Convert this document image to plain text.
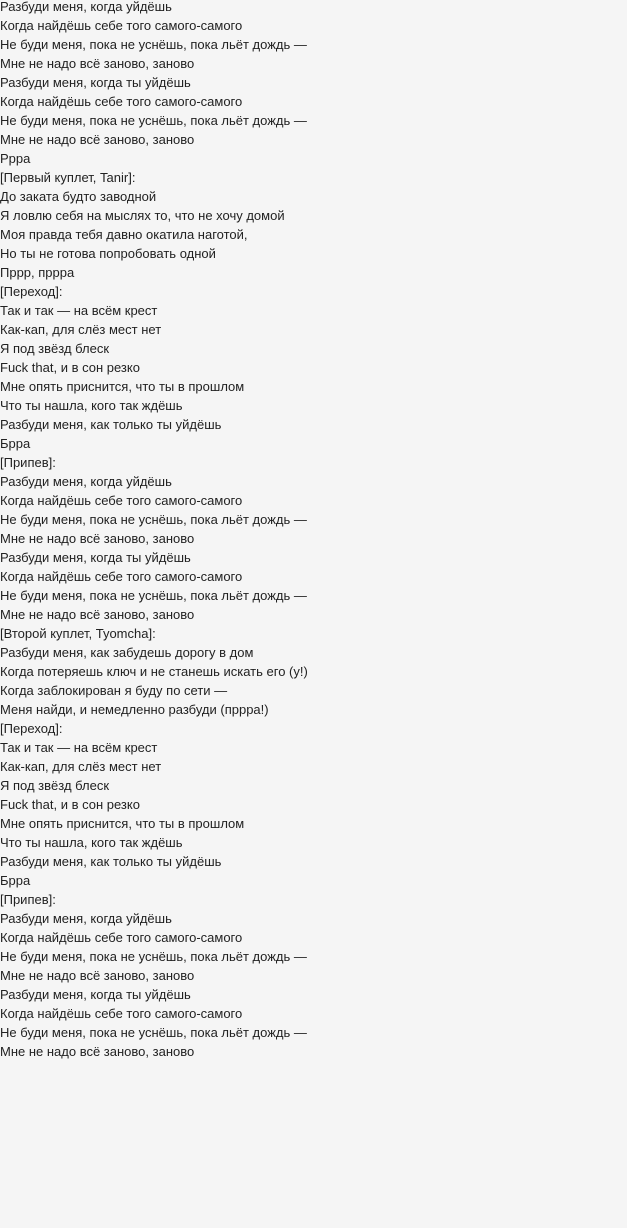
Разбуди меня, когда уйдёшь
Когда найдёшь себе того самого-самого
Не буди меня, пока не уснёшь, пока льёт дождь —
Мне не надо всё заново, заново
Разбуди меня, когда ты уйдёшь
Когда найдёшь себе того самого-самого
Не буди меня, пока не уснёшь, пока льёт дождь —
Мне не надо всё заново, заново
Ррра
[Первый куплет, Tanir]:
До заката будто заводной
Я ловлю себя на мыслях то, что не хочу домой
Моя правда тебя давно окатила наготой,
Но ты не готова попробовать одной
Пррр, пррра
[Переход]:
Так и так — на всём крест
Как-кап, для слёз мест нет
Я под звёзд блеск
Fuck that, и в сон резко
Мне опять приснится, что ты в прошлом
Что ты нашла, кого так ждёшь
Разбуди меня, как только ты уйдёшь
Брра
[Припев]:
Разбуди меня, когда уйдёшь
Когда найдёшь себе того самого-самого
Не буди меня, пока не уснёшь, пока льёт дождь —
Мне не надо всё заново, заново
Разбуди меня, когда ты уйдёшь
Когда найдёшь себе того самого-самого
Не буди меня, пока не уснёшь, пока льёт дождь —
Мне не надо всё заново, заново
[Второй куплет, Tyomcha]:
Разбуди меня, как забудешь дорогу в дом
Когда потеряешь ключ и не станешь искать его (у!)
Когда заблокирован я буду по сети —
Меня найди, и немедленно разбуди (пррра!)
[Переход]:
Так и так — на всём крест
Как-кап, для слёз мест нет
Я под звёзд блеск
Fuck that, и в сон резко
Мне опять приснится, что ты в прошлом
Что ты нашла, кого так ждёшь
Разбуди меня, как только ты уйдёшь
Брра
[Припев]:
Разбуди меня, когда уйдёшь
Когда найдёшь себе того самого-самого
Не буди меня, пока не уснёшь, пока льёт дождь —
Мне не надо всё заново, заново
Разбуди меня, когда ты уйдёшь
Когда найдёшь себе того самого-самого
Не буди меня, пока не уснёшь, пока льёт дождь —
Мне не надо всё заново, заново
